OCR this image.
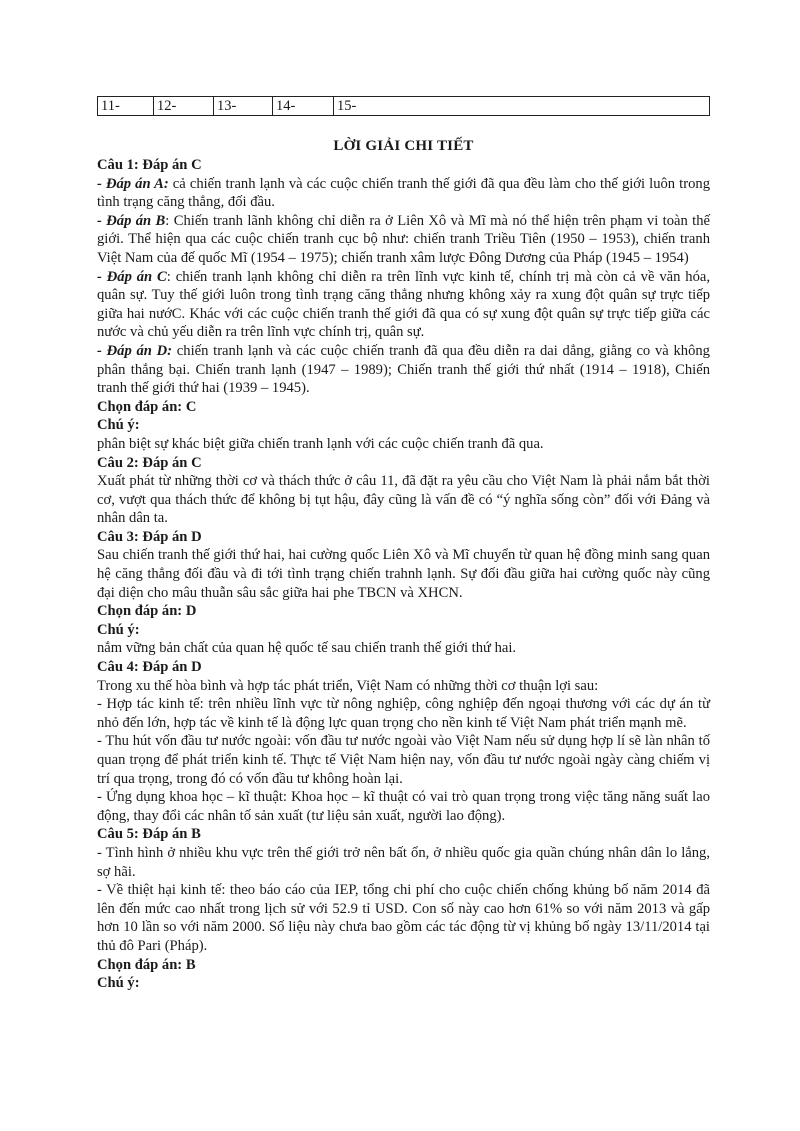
11-	12-	13-	14-	15-
LỜI GIẢI CHI TIẾT

Câu 1: Đáp án C

- Đáp án A: cả chiến tranh lạnh và các cuộc chiến tranh thế giới đã qua đều làm cho thế giới luôn trong tình trạng căng thẳng, đối đầu.

- Đáp án B: Chiến tranh lãnh không chỉ diễn ra ở Liên Xô và Mĩ mà nó thể hiện trên phạm vi toàn thế giới. Thể hiện qua các cuộc chiến tranh cục bộ như: chiến tranh Triều Tiên (1950 – 1953), chiến tranh Việt Nam của đế quốc Mĩ (1954 – 1975); chiến tranh xâm lược Đông Dương của Pháp (1945 – 1954)

- Đáp án C: chiến tranh lạnh không chỉ diễn ra trên lĩnh vực kinh tế, chính trị mà còn cả về văn hóa, quân sự. Tuy thế giới luôn trong tình trạng căng thẳng nhưng không xảy ra xung đột quân sự trực tiếp giữa hai nướC. Khác với các cuộc chiến tranh thế giới đã qua có sự xung đột quân sự trực tiếp giữa các nước và chủ yếu diễn ra trên lĩnh vực chính trị, quân sự.

- Đáp án D: chiến tranh lạnh và các cuộc chiến tranh đã qua đều diễn ra dai dẳng, giằng co và không phân thắng bại. Chiến tranh lạnh (1947 – 1989); Chiến tranh thế giới thứ nhất (1914 – 1918), Chiến tranh thế giới thứ hai (1939 – 1945).

Chọn đáp án: C

Chú ý:

phân biệt sự khác biệt giữa chiến tranh lạnh với các cuộc chiến tranh đã qua.

Câu 2: Đáp án C

Xuất phát từ những thời cơ và thách thức ở câu 11, đã đặt ra yêu cầu cho Việt Nam là phải nắm bắt thời cơ, vượt qua thách thức để không bị tụt hậu, đây cũng là vấn đề có “ý nghĩa sống còn” đối với Đảng và nhân dân ta.

Câu 3: Đáp án D

Sau chiến tranh thế giới thứ hai, hai cường quốc Liên Xô và Mĩ chuyển từ quan hệ đồng minh sang quan hệ căng thẳng đối đầu và đi tới tình trạng chiến trahnh lạnh. Sự đối đầu giữa hai cường quốc này cũng đại diện cho mâu thuẫn sâu sắc giữa hai phe TBCN và XHCN.

Chọn đáp án: D

Chú ý:

nắm vững bản chất của quan hệ quốc tế sau chiến tranh thế giới thứ hai.

Câu 4: Đáp án D

Trong xu thế hòa bình và hợp tác phát triển, Việt Nam có những thời cơ thuận lợi sau:

- Hợp tác kinh tế: trên nhiều lĩnh vực từ nông nghiệp, công nghiệp đến ngoại thương với các dự án từ nhỏ đến lớn, hợp tác về kinh tế là động lực quan trọng cho nền kinh tế Việt Nam phát triển mạnh mẽ.

- Thu hút vốn đầu tư nước ngoài: vốn đầu tư nước ngoài vào Việt Nam nếu sử dụng hợp lí sẽ làn nhân tố quan trọng để phát triển kinh tế. Thực tế Việt Nam hiện nay, vốn đầu tư nước ngoài ngày càng chiếm vị trí qua trọng, trong đó có vốn đầu tư không hoàn lại.

- Ứng dụng khoa học – kĩ thuật: Khoa học – kĩ thuật có vai trò quan trọng trong việc tăng năng suất lao động, thay đổi các nhân tố sản xuất (tư liệu sản xuất, người lao động).

Câu 5: Đáp án B

- Tình hình ở nhiều khu vực trên thế giới trở nên bất ổn, ở nhiều quốc gia quần chúng nhân dân lo lắng, sợ hãi.

- Về thiệt hại kinh tế: theo báo cáo của IEP, tổng chi phí cho cuộc chiến chống khủng bố năm 2014 đã lên đến mức cao nhất trong lịch sử với 52.9 tỉ USD. Con số này cao hơn 61% so với năm 2013 và gấp hơn 10 lần so với năm 2000. Số liệu này chưa bao gồm các tác động từ vị khủng bố ngày 13/11/2014 tại thủ đô Pari (Pháp).

Chọn đáp án: B

Chú ý:
